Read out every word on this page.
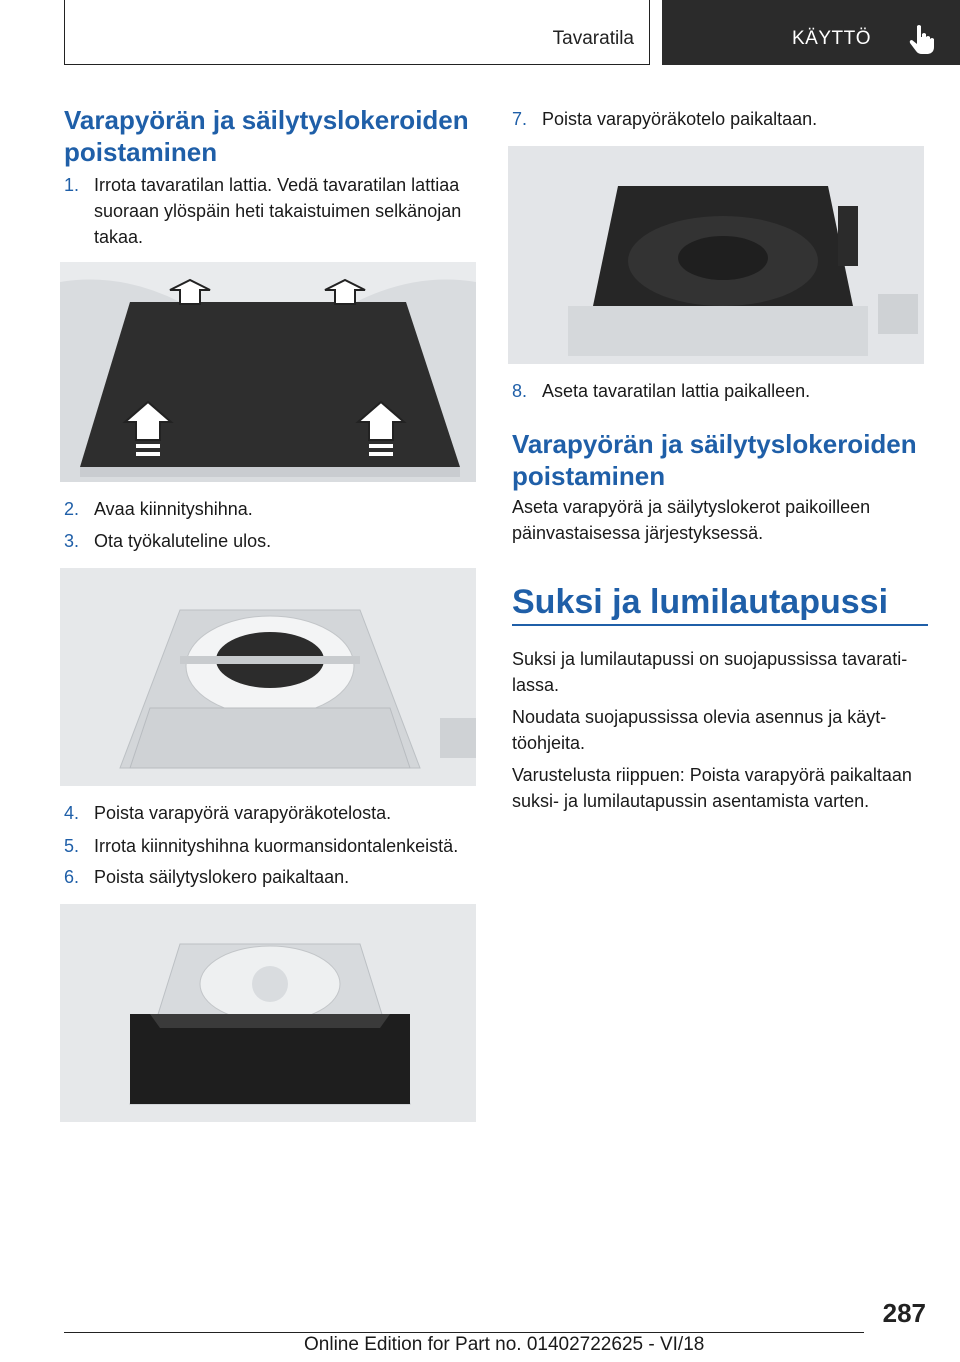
Tavaratila	KÄYTTÖ
Varapyörän ja säilytyslokeroiden poistaminen
1. Irrota tavaratilan lattia. Vedä tavaratilan lattiaa suoraan ylöspäin heti takaistuimen selkänojan takaa.
2. Avaa kiinnityshihna.
3. Ota työkaluteline ulos.
4. Poista varapyörä varapyöräkotelosta.
5. Irrota kiinnityshihna kuormansidontalenkeistä.
6. Poista säilytyslokero paikaltaan.
7. Poista varapyöräkotelo paikaltaan.
8. Aseta tavaratilan lattia paikalleen.
Varapyörän ja säilytyslokeroiden poistaminen

Aseta varapyörä ja säilytyslokerot paikoilleen päinvastaisessa järjestyksessä.

Suksi ja lumilautapussi

Suksi ja lumilautapussi on suojapussissa tavarati-lassa.

Noudata suojapussissa olevia asennus ja käyt-töohjeita.

Varustelusta riippuen: Poista varapyörä paikaltaan suksi- ja lumilautapussin asentamista varten.

287
Online Edition for Part no. 01402722625 - VI/18
